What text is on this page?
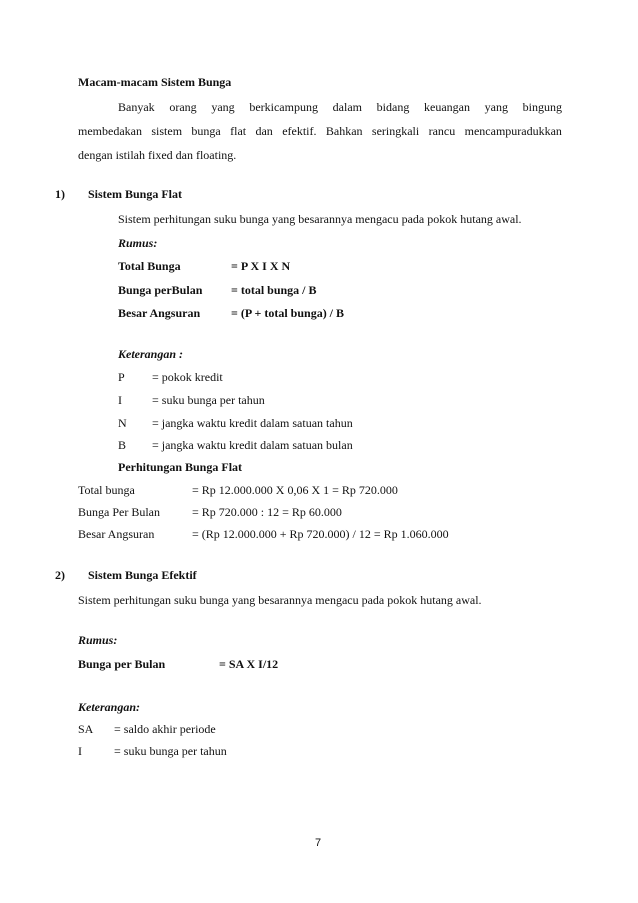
Macam-macam Sistem Bunga
Banyak orang yang berkicampung dalam bidang keuangan yang bingung
membedakan sistem bunga flat dan efektif. Bahkan seringkali rancu mencampuradukkan
dengan istilah fixed dan floating.
1) Sistem Bunga Flat
Sistem perhitungan suku bunga yang besarannya mengacu pada pokok hutang awal.
Rumus:
Total Bunga	= P X I X N
Bunga perBulan = total bunga / B
Besar Angsuran	= (P + total bunga) / B
Keterangan :
P = pokok kredit
I	= suku bunga per tahun
N = jangka waktu kredit dalam satuan tahun
B = jangka waktu kredit dalam satuan bulan
Perhitungan Bunga Flat
Total bunga	= Rp 12.000.000 X 0,06 X 1 = Rp 720.000
Bunga Per Bulan	= Rp 720.000 : 12 = Rp 60.000
Besar Angsuran	= (Rp 12.000.000 + Rp 720.000) / 12 = Rp 1.060.000
2) Sistem Bunga Efektif
Sistem perhitungan suku bunga yang besarannya mengacu pada pokok hutang awal.
Rumus:
Bunga per Bulan	= SA X I/12
Keterangan:
SA = saldo akhir periode
I	= suku bunga per tahun
7
